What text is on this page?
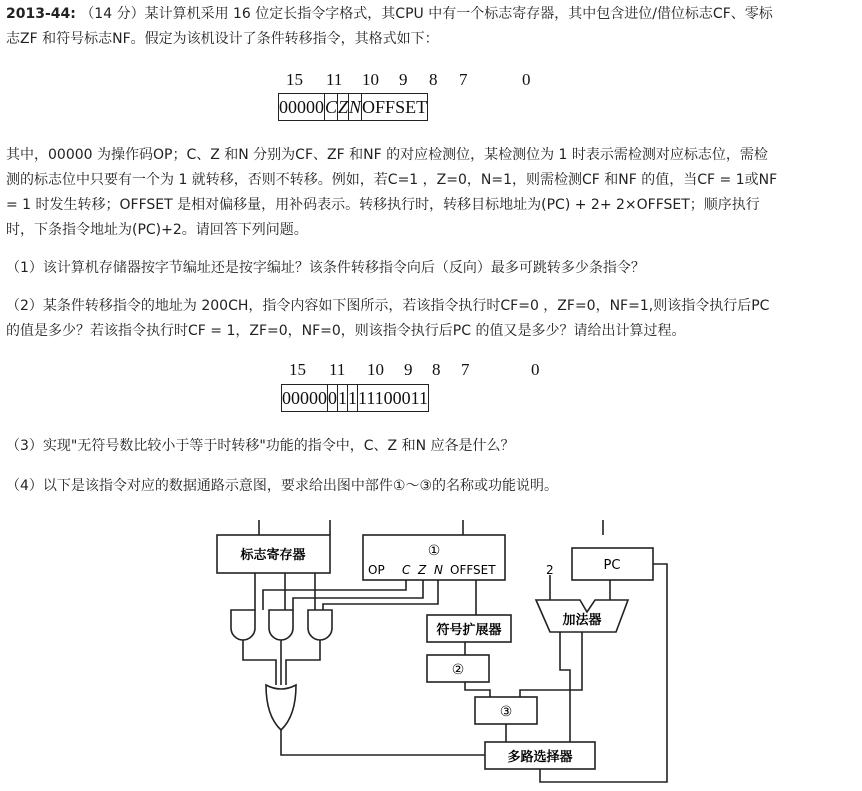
2013-44: （14 分）某计算机采用 16 位定长指令字格式，其CPU 中有一个标志寄存器，其中包含进位/借位标志CF、零标

志ZF 和符号标志NF。假定为该机设计了条件转移指令，其格式如下：

15 11 10 9 8 7	0
00000	C	Z	N	OFFSET

其中，00000 为操作码OP；C、Z 和N 分别为CF、ZF 和NF 的对应检测位，某检测位为 1 时表示需检测对应标志位，需检

测的标志位中只要有一个为 1 就转移，否则不转移。例如，若C=1 ，Z=0，N=1，则需检测CF 和NF 的值，当CF = 1或NF

= 1 时发生转移；OFFSET 是相对偏移量，用补码表示。转移执行时，转移目标地址为(PC) + 2+ 2×OFFSET；顺序执行

时，下条指令地址为(PC)+2。请回答下列问题。

（1）该计算机存储器按字节编址还是按字编址？该条件转移指令向后（反向）最多可跳转多少条指令？

（2）某条件转移指令的地址为 200CH，指令内容如下图所示，若该指令执行时CF=0 ，ZF=0，NF=1,则该指令执行后PC

的值是多少？若该指令执行时CF = 1，ZF=0，NF=0，则该指令执行后PC 的值又是多少？请给出计算过程。

15 11 10 9 8 7	0
00000	0	1	1	11100011

（3）实现"无符号数比较小于等于时转移"功能的指令中，C、Z 和N 应各是什么？

（4）以下是该指令对应的数据通路示意图，要求给出图中部件①～③的名称或功能说明。

标志寄存器	①
OP C Z N OFFSET	2	PC
加法器
符号扩展器
②
③
多路选择器
